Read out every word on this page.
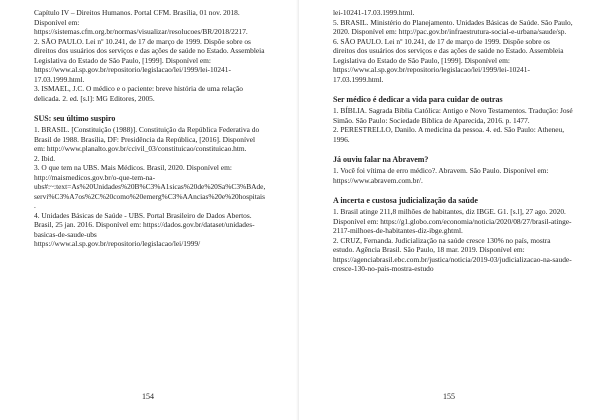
Capítulo IV – Direitos Humanos. Portal CFM. Brasília, 01 nov. 2018. Disponível em: https://sistemas.cfm.org.br/normas/visualizar/resolucoes/BR/2018/2217.

2. SÃO PAULO. Lei nº 10.241, de 17 de março de 1999. Dispõe sobre os direitos dos usuários dos serviços e das ações de saúde no Estado. Assembleia Legislativa do Estado de São Paulo, [1999]. Disponível em: https://www.al.sp.gov.br/repositorio/legislacao/lei/1999/lei-10241-17.03.1999.html.

3. ISMAEL, J.C. O médico e o paciente: breve história de uma relação delicada. 2. ed. [s.l]: MG Editores, 2005.

SUS: seu último suspiro

1. BRASIL. [Constituição (1988)]. Constituição da República Federativa do Brasil de 1988. Brasília, DF: Presidência da República, [2016]. Disponível em: http://www.planalto.gov.br/ccivil_03/constituicao/constituicao.htm.

2. Ibid.

3. O que tem na UBS. Mais Médicos. Brasil, 2020. Disponível em: http://maismedicos.gov.br/o-que-tem-na-ubs#:~:text=As%20Unidades%20B%C3%A1sicas%20de%20Sa%C3%BAde,servi%C3%A7os%2C%20como%20emerg%C3%AAncias%20e%20hospitais.

4. Unidades Básicas de Saúde - UBS. Portal Brasileiro de Dados Abertos. Brasil, 25 jan. 2016. Disponível em: https://dados.gov.br/dataset/unidades-basicas-de-saude-ubs

https://www.al.sp.gov.br/repositorio/legislacao/lei/1999/

154

lei-10241-17.03.1999.html.

5. BRASIL. Ministério do Planejamento. Unidades Básicas de Saúde. São Paulo, 2020. Disponível em: http://pac.gov.br/infraestrutura-social-e-urbana/saude/sp.

6. SÃO PAULO. Lei nº 10.241, de 17 de março de 1999. Dispõe sobre os direitos dos usuários dos serviços e das ações de saúde no Estado. Assembleia Legislativa do Estado de São Paulo, [1999]. Disponível em: https://www.al.sp.gov.br/repositorio/legislacao/lei/1999/lei-10241-17.03.1999.html.

Ser médico é dedicar a vida para cuidar de outras

1. BÍBLIA. Sagrada Bíblia Católica: Antigo e Novo Testamentos. Tradução: José Simão. São Paulo: Sociedade Bíblica de Aparecida, 2016. p. 1477.

2. PERESTRELLO, Danilo. A medicina da pessoa. 4. ed. São Paulo: Atheneu, 1996.

Já ouviu falar na Abravem?

1. Você foi vítima de erro médico?. Abravem. São Paulo. Disponível em: https://www.abravem.com.br/.

A incerta e custosa judicialização da saúde

1. Brasil atinge 211,8 milhões de habitantes, diz IBGE. G1. [s.l], 27 ago. 2020. Disponível em: https://g1.globo.com/economia/noticia/2020/08/27/brasil-atinge-2117-milhoes-de-habitantes-diz-ibge.ghtml.

2. CRUZ, Fernanda. Judicialização na saúde cresce 130% no país, mostra estudo. Agência Brasil. São Paulo, 18 mar. 2019. Disponível em: https://agenciabrasil.ebc.com.br/justica/noticia/2019-03/judicializacao-na-saude-cresce-130-no-pais-mostra-estudo

155
